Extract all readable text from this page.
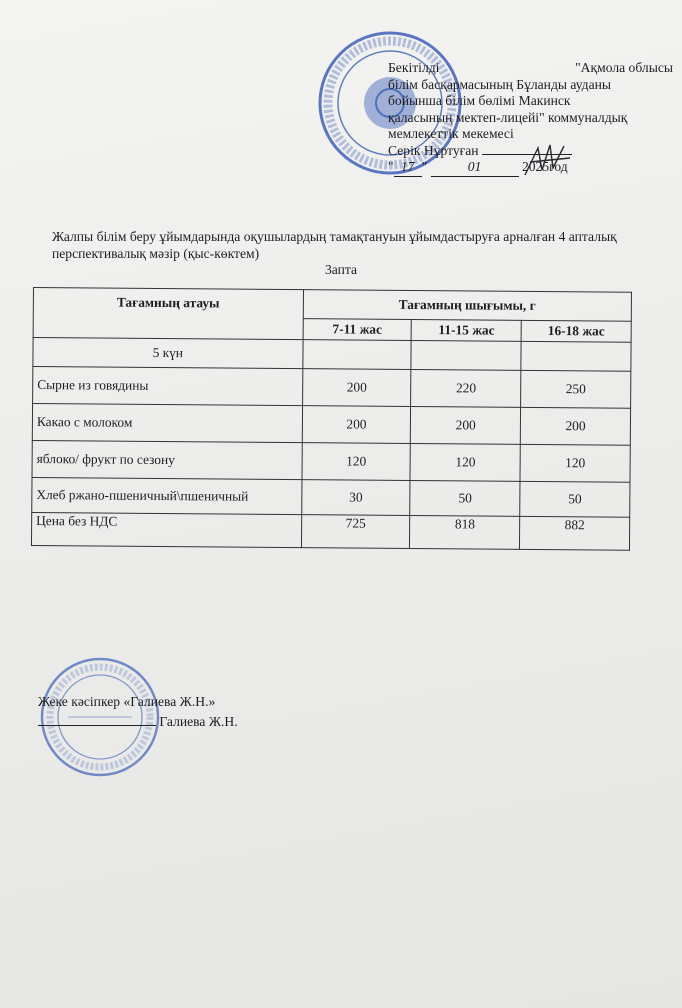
Бекітілді	"Ақмола облысы
білім басқармасының Бұланды ауданы
бойынша білім бөлімі Макинск
қаласының мектеп-лицейі" коммуналдық
мемлекеттік мекемесі
Серік Нұртуған
" 17 "	01	2025год
Жалпы білім беру ұйымдарында оқушылардың тамақтануын ұйымдастыруға арналған 4 апталық перспективалық мәзір (қыс-көктем)
3апта
Тағамның атауы	Тағамның шығымы, г		
	7-11 жас	11-15 жас	16-18 жас
5 күн			
Сырне из говядины	200	220	250
Какао с молоком	200	200	200
яблоко/ фрукт по сезону	120	120	120
Хлеб ржано-пшеничный\пшеничный	30	50	50
Цена без НДС	725	818	882
Жеке кәсіпкер «Галиева Ж.Н.»
Галиева Ж.Н.
